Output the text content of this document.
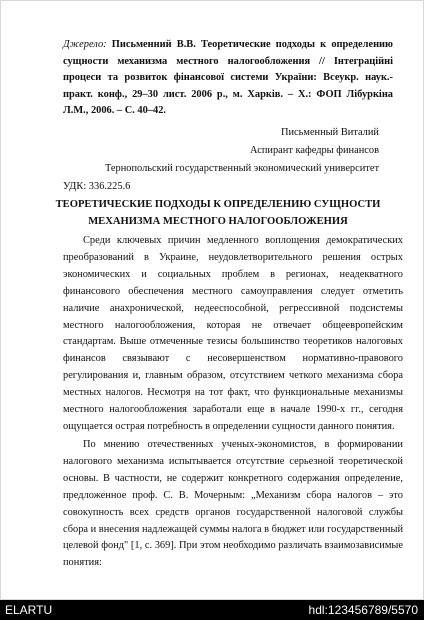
Джерело: Письменний В.В. Теоретические подходы к определению сущности механизма местного налогообложения // Інтеграційні процеси та розвиток фінансової системи України: Всеукр. наук.-практ. конф., 29–30 лист. 2006 р., м. Харків. – Х.: ФОП Лібуркіна Л.М., 2006. – С. 40–42.
Письменный Виталий
Аспирант кафедры финансов
Тернопольский государственный экономический университет
УДК: 336.225.6
ТЕОРЕТИЧЕСКИЕ ПОДХОДЫ К ОПРЕДЕЛЕНИЮ СУЩНОСТИ МЕХАНИЗМА МЕСТНОГО НАЛОГООБЛОЖЕНИЯ
Среди ключевых причин медленного воплощения демократических преобразований в Украине, неудовлетворительного решения острых экономических и социальных проблем в регионах, неадекватного финансового обеспечения местного самоуправления следует отметить наличие анахронической, недееспособной, регрессивной подсистемы местного налогообложения, которая не отвечает общеевропейским стандартам. Выше отмеченные тезисы большинство теоретиков налоговых финансов связывают с несовершенством нормативно-правового регулирования и, главным образом, отсутствием четкого механизма сбора местных налогов. Несмотря на тот факт, что функциональные механизмы местного налогообложения заработали еще в начале 1990-х гг., сегодня ощущается острая потребность в определении сущности данного понятия.
По мнению отечественных ученых-экономистов, в формировании налогового механизма испытывается отсутствие серьезной теоретической основы. В частности, не содержит конкретного содержания определение, предложенное проф. С. В. Мочерным: „Механизм сбора налогов – это совокупность всех средств органов государственной налоговой службы сбора и внесения надлежащей суммы налога в бюджет или государственный целевой фонд" [1, с. 369]. При этом необходимо различать взаимозависимые понятия:
ELARTU	hdl:123456789/5570
